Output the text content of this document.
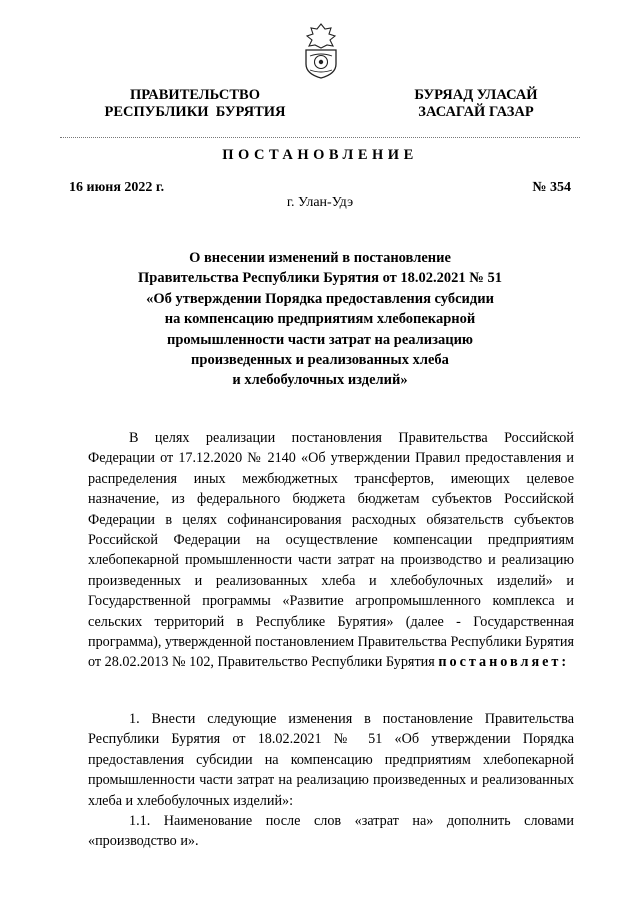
ПРАВИТЕЛЬСТВО
РЕСПУБЛИКИ  БУРЯТИЯ
БУРЯАД УЛАСАЙ
ЗАСАГАЙ ГАЗАР
ПОСТАНОВЛЕНИЕ
16 июня 2022 г.	№ 354
г. Улан-Удэ
О внесении изменений в постановление
Правительства Республики Бурятия от 18.02.2021 № 51
«Об утверждении Порядка предоставления субсидии
на компенсацию предприятиям хлебопекарной
промышленности части затрат на реализацию
произведенных и реализованных хлеба
и хлебобулочных изделий»

В целях реализации постановления Правительства Российской Федерации от 17.12.2020 № 2140 «Об утверждении Правил предоставления и распределения иных межбюджетных трансфертов, имеющих целевое назначение, из федерального бюджета бюджетам субъектов Российской Федерации в целях софинансирования расходных обязательств субъектов Российской Федерации на осуществление компенсации предприятиям хлебопекарной промышленности части затрат на производство и реализацию произведенных и реализованных хлеба и хлебобулочных изделий» и Государственной программы «Развитие агропромышленного комплекса и сельских территорий в Республике Бурятия» (далее - Государственная программа), утвержденной постановлением Правительства Республики Бурятия от 28.02.2013 № 102, Правительство Республики Бурятия постановляет:

1. Внести следующие изменения в постановление Правительства Республики Бурятия от 18.02.2021 № 51 «Об утверждении Порядка предоставления субсидии на компенсацию предприятиям хлебопекарной промышленности части затрат на реализацию произведенных и реализованных хлеба и хлебобулочных изделий»:

1.1. Наименование после слов «затрат на» дополнить словами «производство и».
